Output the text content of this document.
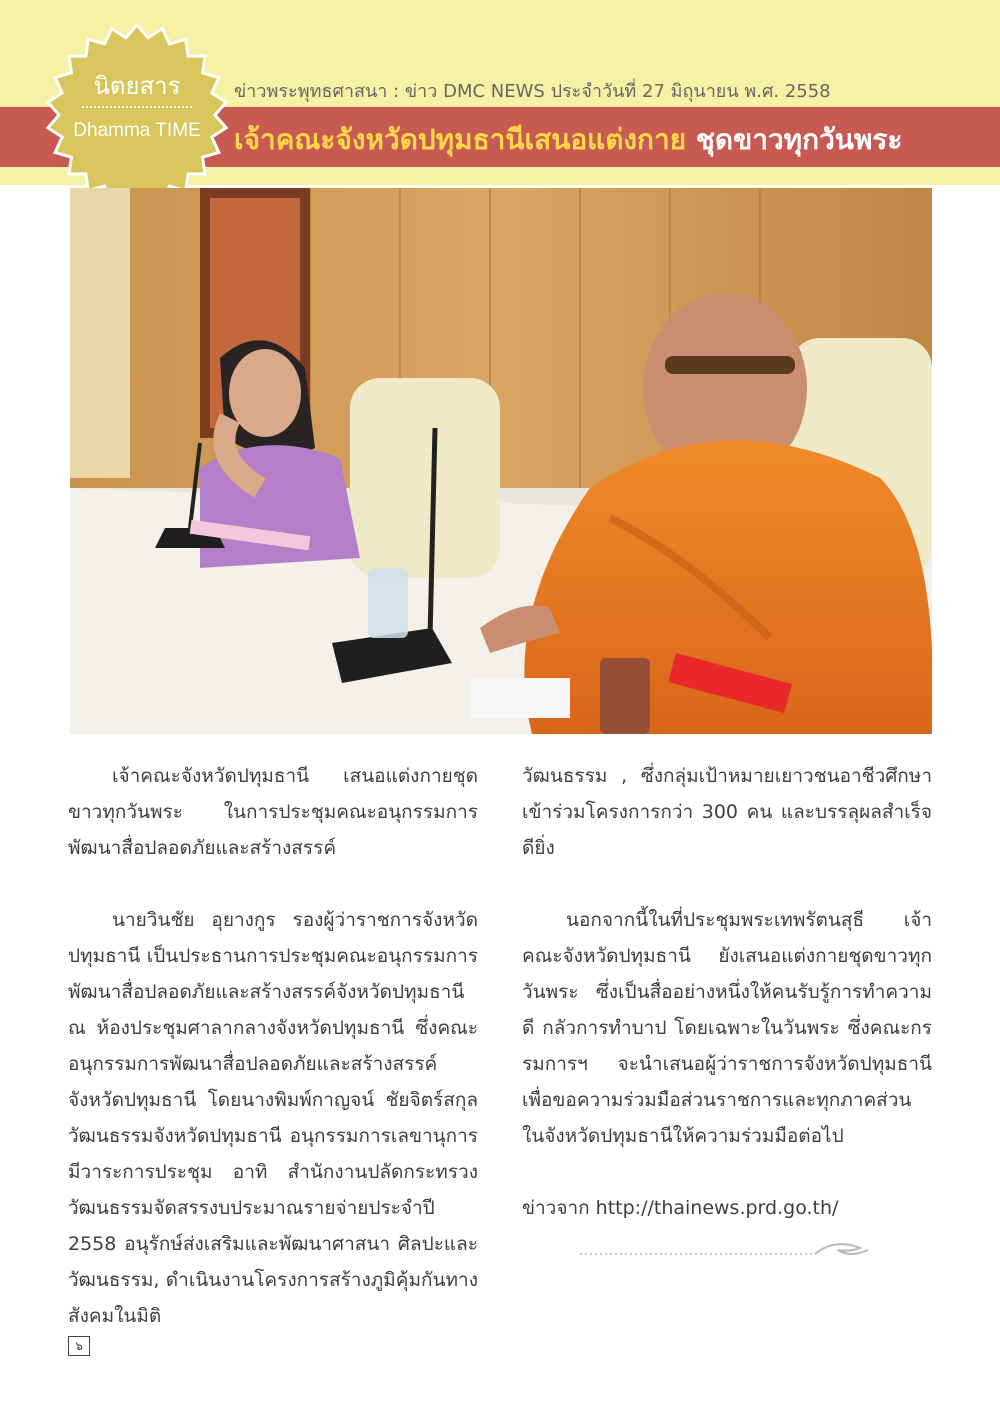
นิตยสาร
Dhamma TIME
ข่าวพระพุทธศาสนา : ข่าว DMC NEWS ประจำวันที่ 27 มิถุนายน พ.ศ. 2558
เจ้าคณะจังหวัดปทุมธานีเสนอแต่งกาย ชุดขาวทุกวันพระ

เจ้าคณะจังหวัดปทุมธานี เสนอแต่งกายชุดขาวทุกวันพระ ในการประชุมคณะอนุกรรมการพัฒนาสื่อปลอดภัยและสร้างสรรค์

นายวินชัย อุยางกูร รองผู้ว่าราชการจังหวัดปทุมธานี เป็นประธานการประชุมคณะอนุกรรมการพัฒนาสื่อปลอดภัยและสร้างสรรค์จังหวัดปทุมธานี ณ ห้องประชุมศาลากลางจังหวัดปทุมธานี ซึ่งคณะอนุกรรมการพัฒนาสื่อปลอดภัยและสร้างสรรค์จังหวัดปทุมธานี โดยนางพิมพ์กาญจน์ ชัยจิตร์สกุล วัฒนธรรมจังหวัดปทุมธานี อนุกรรมการเลขานุการ มีวาระการประชุม อาทิ สำนักงานปลัดกระทรวงวัฒนธรรมจัดสรรงบประมาณรายจ่ายประจำปี 2558 อนุรักษ์ส่งเสริมและพัฒนาศาสนา ศิลปะและวัฒนธรรม, ดำเนินงานโครงการสร้างภูมิคุ้มกันทางสังคมในมิติ

วัฒนธรรม , ซึ่งกลุ่มเป้าหมายเยาวชนอาชีวศึกษาเข้าร่วมโครงการกว่า 300 คน และบรรลุผลสำเร็จดียิ่ง

นอกจากนี้ในที่ประชุมพระเทพรัตนสุธี เจ้าคณะจังหวัดปทุมธานี ยังเสนอแต่งกายชุดขาวทุกวันพระ ซึ่งเป็นสื่ออย่างหนึ่งให้คนรับรู้การทำความดี กลัวการทำบาป โดยเฉพาะในวันพระ ซึ่งคณะกรรมการฯ จะนำเสนอผู้ว่าราชการจังหวัดปทุมธานีเพื่อขอความร่วมมือส่วนราชการและทุกภาคส่วนในจังหวัดปทุมธานีให้ความร่วมมือต่อไป

ข่าวจาก http://thainews.prd.go.th/

๖
